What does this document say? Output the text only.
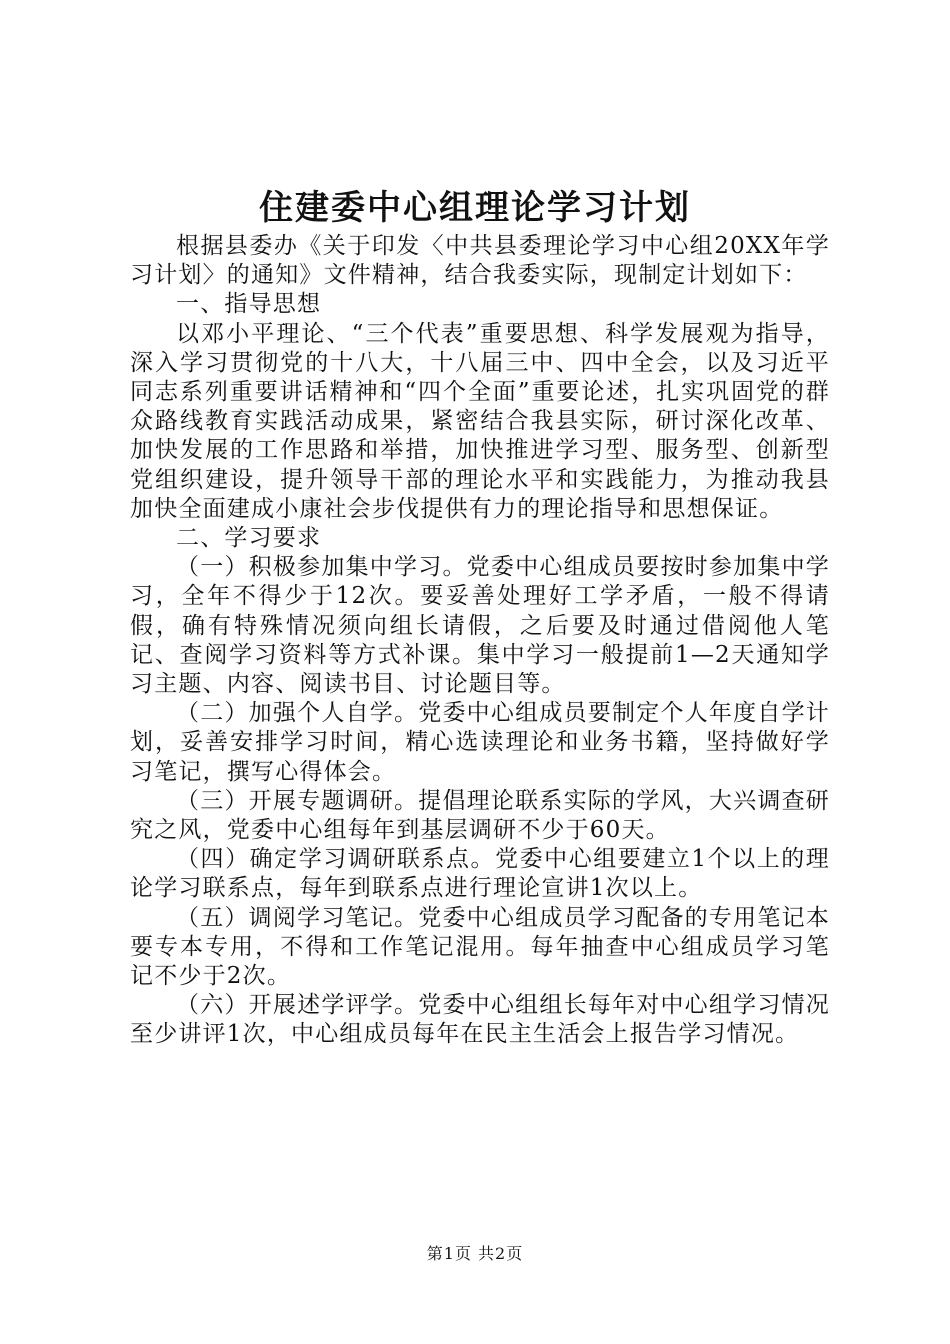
住建委中心组理论学习计划

根据县委办《关于印发〈中共县委理论学习中心组20XX年学习计划〉的通知》文件精神，结合我委实际，现制定计划如下：

一、指导思想

以邓小平理论、“三个代表”重要思想、科学发展观为指导，深入学习贯彻党的十八大，十八届三中、四中全会，以及习近平同志系列重要讲话精神和“四个全面”重要论述，扎实巩固党的群众路线教育实践活动成果，紧密结合我县实际，研讨深化改革、加快发展的工作思路和举措，加快推进学习型、服务型、创新型党组织建设，提升领导干部的理论水平和实践能力，为推动我县加快全面建成小康社会步伐提供有力的理论指导和思想保证。

二、学习要求

（一）积极参加集中学习。党委中心组成员要按时参加集中学习，全年不得少于12次。要妥善处理好工学矛盾，一般不得请假，确有特殊情况须向组长请假，之后要及时通过借阅他人笔记、查阅学习资料等方式补课。集中学习一般提前1—2天通知学习主题、内容、阅读书目、讨论题目等。

（二）加强个人自学。党委中心组成员要制定个人年度自学计划，妥善安排学习时间，精心选读理论和业务书籍，坚持做好学习笔记，撰写心得体会。

（三）开展专题调研。提倡理论联系实际的学风，大兴调查研究之风，党委中心组每年到基层调研不少于60天。

（四）确定学习调研联系点。党委中心组要建立1个以上的理论学习联系点，每年到联系点进行理论宣讲1次以上。

（五）调阅学习笔记。党委中心组成员学习配备的专用笔记本要专本专用，不得和工作笔记混用。每年抽查中心组成员学习笔记不少于2次。

（六）开展述学评学。党委中心组组长每年对中心组学习情况至少讲评1次，中心组成员每年在民主生活会上报告学习情况。

第1页 共2页
